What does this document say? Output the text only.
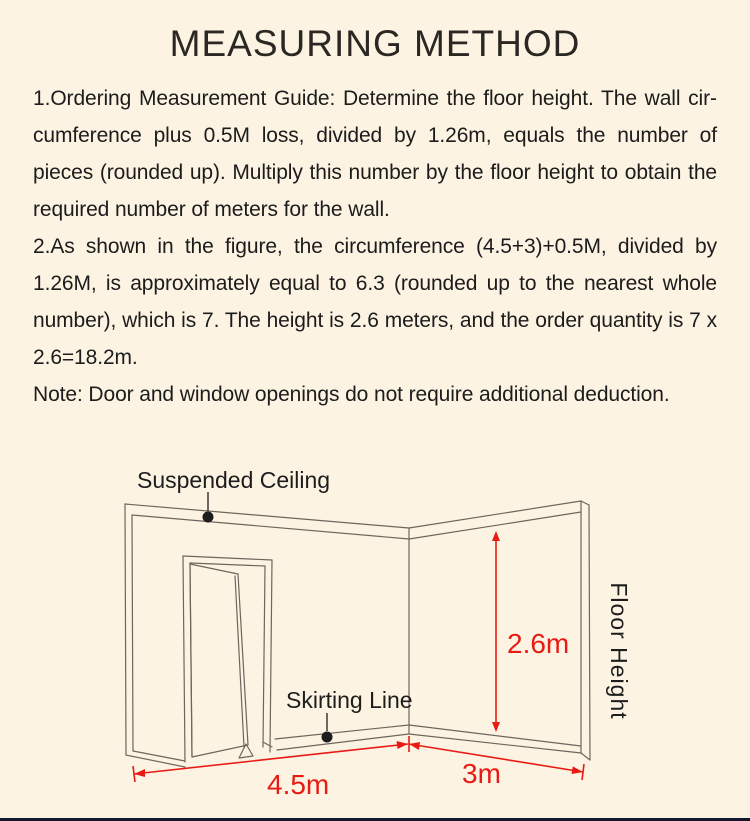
MEASURING METHOD

1.Ordering Measurement Guide: Determine the floor height. The wall circumference plus 0.5M loss, divided by 1.26m, equals the number of pieces (rounded up). Multiply this number by the floor height to obtain the required number of meters for the wall.

2.As shown in the figure, the circumference (4.5+3)+0.5M, divided by 1.26M, is approximately equal to 6.3 (rounded up to the nearest whole number), which is 7. The height is 2.6 meters, and the order quantity is 7 x 2.6=18.2m.

Note: Door and window openings do not require additional deduction.

Suspended Ceiling
Skirting Line	Floor Height
2.6m
4.5m	3m
